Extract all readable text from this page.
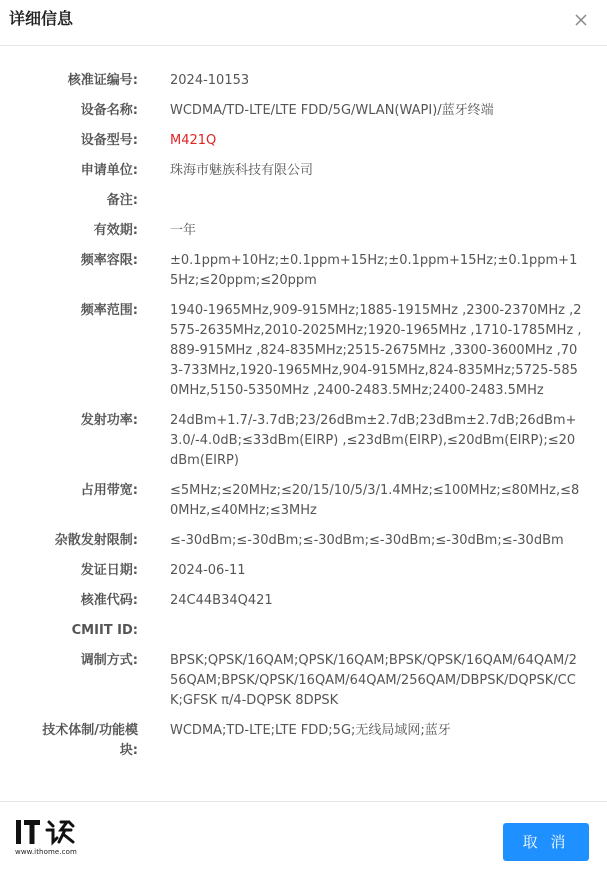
详细信息
核准证编号: 2024-10153
设备名称: WCDMA/TD-LTE/LTE FDD/5G/WLAN(WAPI)/蓝牙终端
设备型号: M421Q
申请单位: 珠海市魅族科技有限公司
备注:
有效期: 一年
频率容限: ±0.1ppm+10Hz;±0.1ppm+15Hz;±0.1ppm+15Hz;±0.1ppm+15Hz;≤20ppm;≤20ppm
频率范围: 1940-1965MHz,909-915MHz;1885-1915MHz ,2300-2370MHz ,2575-2635MHz,2010-2025MHz;1920-1965MHz ,1710-1785MHz ,889-915MHz ,824-835MHz;2515-2675MHz ,3300-3600MHz ,703-733MHz,1920-1965MHz,904-915MHz,824-835MHz;5725-5850MHz,5150-5350MHz ,2400-2483.5MHz;2400-2483.5MHz
发射功率: 24dBm+1.7/-3.7dB;23/26dBm±2.7dB;23dBm±2.7dB;26dBm+3.0/-4.0dB;≤33dBm(EIRP) ,≤23dBm(EIRP),≤20dBm(EIRP);≤20dBm(EIRP)
占用带宽: ≤5MHz;≤20MHz;≤20/15/10/5/3/1.4MHz;≤100MHz;≤80MHz,≤80MHz,≤40MHz;≤3MHz
杂散发射限制: ≤-30dBm;≤-30dBm;≤-30dBm;≤-30dBm;≤-30dBm;≤-30dBm
发证日期: 2024-06-11
核准代码: 24C44B34Q421
CMIIT ID:
调制方式: BPSK;QPSK/16QAM;QPSK/16QAM;BPSK/QPSK/16QAM/64QAM/256QAM;BPSK/QPSK/16QAM/64QAM/256QAM/DBPSK/DQPSK/CCK;GFSK π/4-DQPSK 8DPSK
技术体制/功能模块:
WCDMA;TD-LTE;LTE FDD;5G;无线局域网;蓝牙
www.ithome.com
取 消
